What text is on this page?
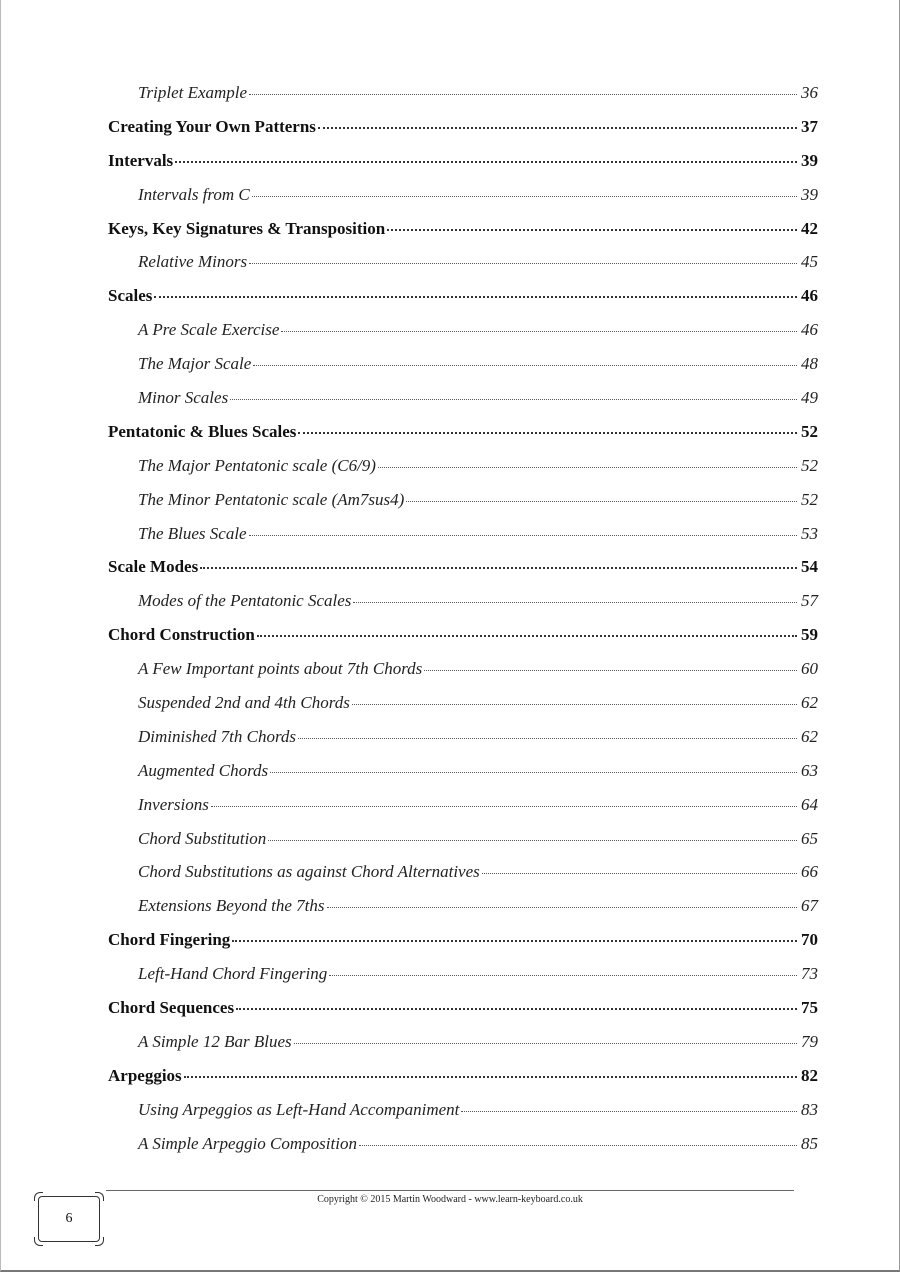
Triplet Example	36
Creating Your Own Patterns	37
Intervals	39
Intervals from C	39
Keys, Key Signatures & Transposition	42
Relative Minors	45
Scales	46
A Pre Scale Exercise	46
The Major Scale	48
Minor Scales	49
Pentatonic & Blues Scales	52
The Major Pentatonic scale (C6/9)	52
The Minor Pentatonic scale (Am7sus4)	52
The Blues Scale	53
Scale Modes	54
Modes of the Pentatonic Scales	57
Chord Construction	59
A Few Important points about 7th Chords	60
Suspended 2nd and 4th Chords	62
Diminished 7th Chords	62
Augmented Chords	63
Inversions	64
Chord Substitution	65
Chord Substitutions as against Chord Alternatives	66
Extensions Beyond the 7ths	67
Chord Fingering	70
Left-Hand Chord Fingering	73
Chord Sequences	75
A Simple 12 Bar Blues	79
Arpeggios	82
Using Arpeggios as Left-Hand Accompaniment	83
A Simple Arpeggio Composition	85
Copyright © 2015 Martin Woodward - www.learn-keyboard.co.uk
6
